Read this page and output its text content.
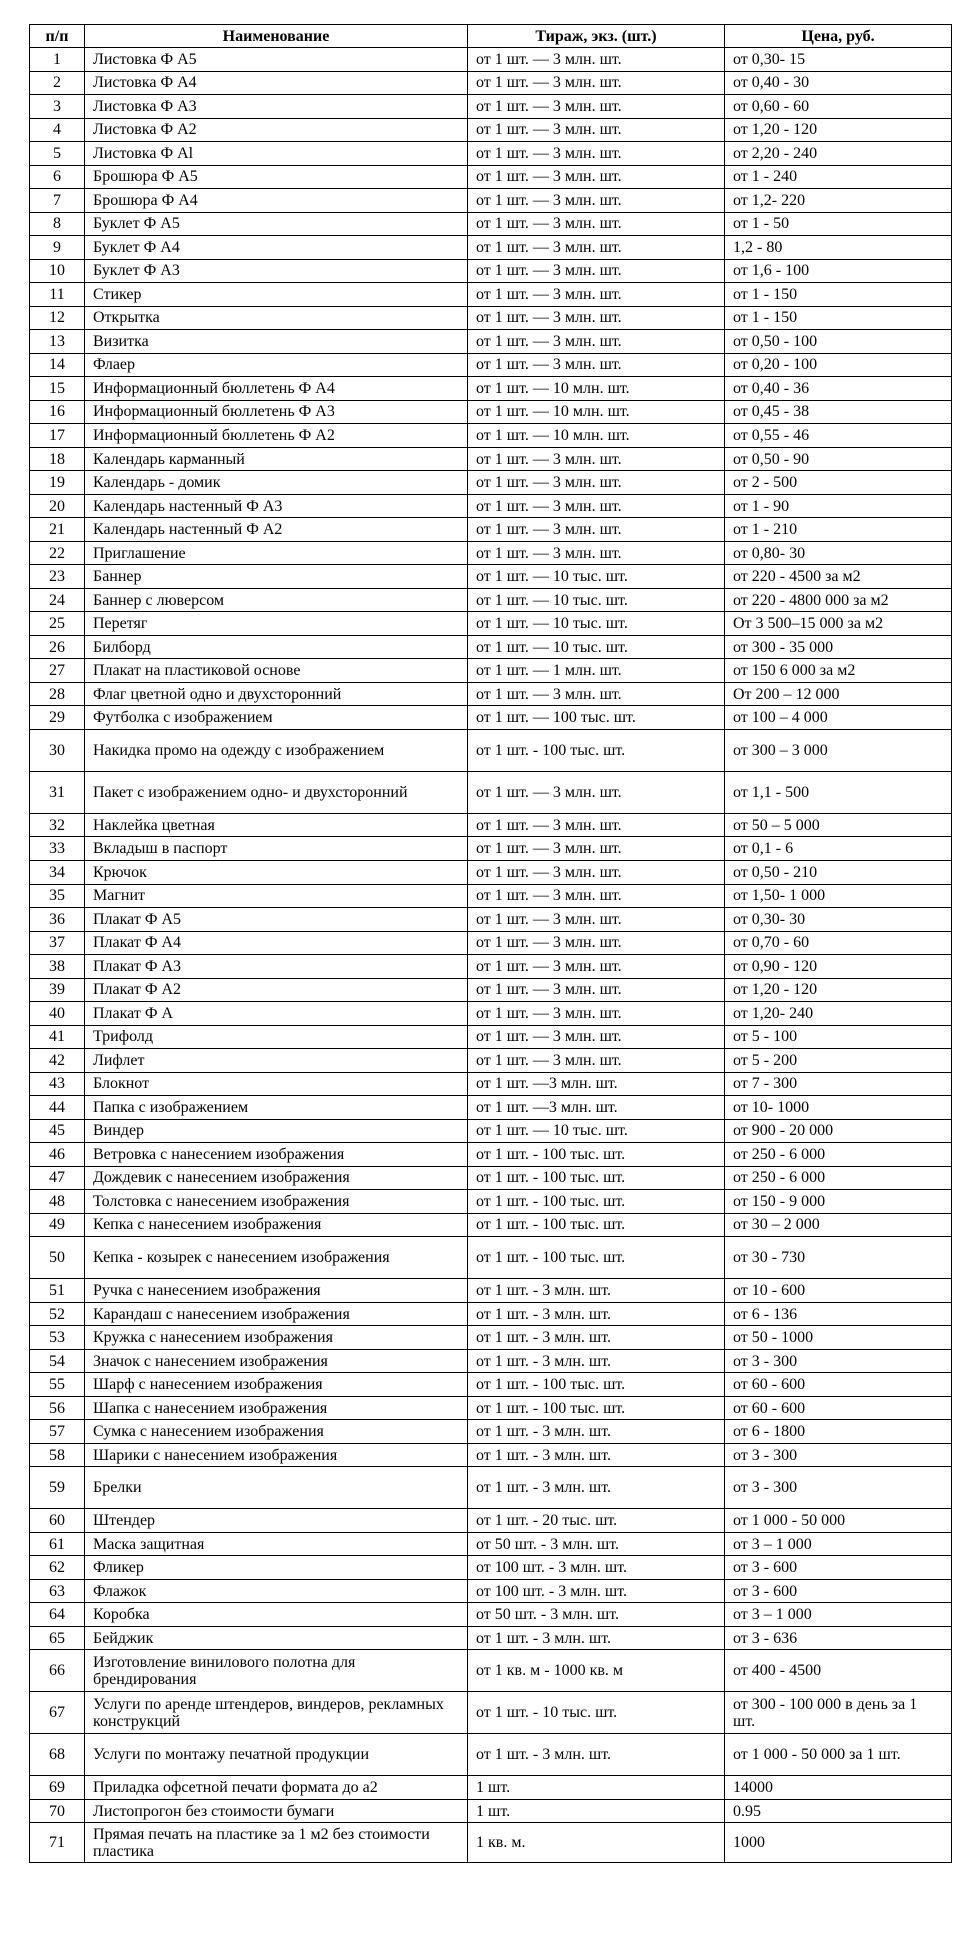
п/п	Наименование	Тираж, экз. (шт.)	Цена, руб.
1	Листовка Ф А5	от 1 шт. — 3 млн. шт.	от 0,30- 15
2	Листовка Ф А4	от 1 шт. — 3 млн. шт.	от 0,40 - 30
3	Листовка Ф А3	от 1 шт. — 3 млн. шт.	от 0,60 - 60
4	Листовка Ф А2	от 1 шт. — 3 млн. шт.	от 1,20 - 120
5	Листовка Ф Al	от 1 шт. — 3 млн. шт.	от 2,20 - 240
6	Брошюра Ф А5	от 1 шт. — 3 млн. шт.	от 1 - 240
7	Брошюра Ф А4	от 1 шт. — 3 млн. шт.	от 1,2- 220
8	Буклет Ф А5	от 1 шт. — 3 млн. шт.	от 1 - 50
9	Буклет Ф А4	от 1 шт. — 3 млн. шт.	1,2 - 80
10	Буклет Ф А3	от 1 шт. — 3 млн. шт.	от 1,6 - 100
11	Стикер	от 1 шт. — 3 млн. шт.	от 1 - 150
12	Открытка	от 1 шт. — 3 млн. шт.	от 1 - 150
13	Визитка	от 1 шт. — 3 млн. шт.	от 0,50 - 100
14	Флаер	от 1 шт. — 3 млн. шт.	от 0,20 - 100
15	Информационный бюллетень Ф А4	от 1 шт. — 10 млн. шт.	от 0,40 - 36
16	Информационный бюллетень Ф А3	от 1 шт. — 10 млн. шт.	от 0,45 - 38
17	Информационный бюллетень Ф А2	от 1 шт. — 10 млн. шт.	от 0,55 - 46
18	Календарь карманный	от 1 шт. — 3 млн. шт.	от 0,50 - 90
19	Календарь - домик	от 1 шт. — 3 млн. шт.	от 2 - 500
20	Календарь настенный Ф А3	от 1 шт. — 3 млн. шт.	от 1 - 90
21	Календарь настенный Ф А2	от 1 шт. — 3 млн. шт.	от 1 - 210
22	Приглашение	от 1 шт. — 3 млн. шт.	от 0,80- 30
23	Баннер	от 1 шт. — 10 тыс. шт.	от 220 - 4500 за м2
24	Баннер с люверсом	от 1 шт. — 10 тыс. шт.	от 220 - 4800 000 за м2
25	Перетяг	от 1 шт. — 10 тыс. шт.	От 3 500–15 000 за м2
26	Билборд	от 1 шт. — 10 тыс. шт.	от 300 - 35 000
27	Плакат на пластиковой основе	от 1 шт. — 1 млн. шт.	от 150 6 000 за м2
28	Флаг цветной одно и двухсторонний	от 1 шт. — 3 млн. шт.	От 200 – 12 000
29	Футболка с изображением	от 1 шт. — 100 тыс. шт.	от 100 – 4 000
30	Накидка промо на одежду с изображением	от 1 шт. - 100 тыс. шт.	от 300 – 3 000
31	Пакет с изображением одно- и двухсторонний	от 1 шт. — 3 млн. шт.	от 1,1 - 500
32	Наклейка цветная	от 1 шт. — 3 млн. шт.	от 50 – 5 000
33	Вкладыш в паспорт	от 1 шт. — 3 млн. шт.	от 0,1 - 6
34	Крючок	от 1 шт. — 3 млн. шт.	от 0,50 - 210
35	Магнит	от 1 шт. — 3 млн. шт.	от 1,50- 1 000
36	Плакат Ф А5	от 1 шт. — 3 млн. шт.	от 0,30- 30
37	Плакат Ф А4	от 1 шт. — 3 млн. шт.	от 0,70 - 60
38	Плакат Ф А3	от 1 шт. — 3 млн. шт.	от 0,90 - 120
39	Плакат Ф А2	от 1 шт. — 3 млн. шт.	от 1,20 - 120
40	Плакат Ф А	от 1 шт. — 3 млн. шт.	от 1,20- 240
41	Трифолд	от 1 шт. — 3 млн. шт.	от 5 - 100
42	Лифлет	от 1 шт. — 3 млн. шт.	от 5 - 200
43	Блокнот	от 1 шт. —3 млн. шт.	от 7 - 300
44	Папка с изображением	от 1 шт. —3 млн. шт.	от 10- 1000
45	Виндер	от 1 шт. — 10 тыс. шт.	от 900 - 20 000
46	Ветровка с нанесением изображения	от 1 шт. - 100 тыс. шт.	от 250 - 6 000
47	Дождевик с нанесением изображения	от 1 шт. - 100 тыс. шт.	от 250 - 6 000
48	Толстовка с нанесением изображения	от 1 шт. - 100 тыс. шт.	от 150 - 9 000
49	Кепка с нанесением изображения	от 1 шт. - 100 тыс. шт.	от 30 – 2 000
50	Кепка - козырек с нанесением изображения	от 1 шт. - 100 тыс. шт.	от 30 - 730
51	Ручка с нанесением изображения	от 1 шт. - 3 млн. шт.	от 10 - 600
52	Карандаш с нанесением изображения	от 1 шт. - 3 млн. шт.	от 6 - 136
53	Кружка с нанесением изображения	от 1 шт. - 3 млн. шт.	от 50 - 1000
54	Значок с нанесением изображения	от 1 шт. - 3 млн. шт.	от 3 - 300
55	Шарф с нанесением изображения	от 1 шт. - 100 тыс. шт.	от 60 - 600
56	Шапка с нанесением изображения	от 1 шт. - 100 тыс. шт.	от 60 - 600
57	Сумка с нанесением изображения	от 1 шт. - 3 млн. шт.	от 6 - 1800
58	Шарики с нанесением изображения	от 1 шт. - 3 млн. шт.	от 3 - 300
59	Брелки	от 1 шт. - 3 млн. шт.	от 3 - 300
60	Штендер	от 1 шт. - 20 тыс. шт.	от 1 000 - 50 000
61	Маска защитная	от 50 шт. - 3 млн. шт.	от 3 – 1 000
62	Фликер	от 100 шт. - 3 млн. шт.	от 3 - 600
63	Флажок	от 100 шт. - 3 млн. шт.	от 3 - 600
64	Коробка	от 50 шт. - 3 млн. шт.	от 3 – 1 000
65	Бейджик	от 1 шт. - 3 млн. шт.	от 3 - 636
66	Изготовление винилового полотна для брендирования	от 1 кв. м - 1000 кв. м	от 400 - 4500
67	Услуги по аренде штендеров, виндеров, рекламных конструкций	от 1 шт. - 10 тыс. шт.	от 300 - 100 000 в день за 1 шт.
68	Услуги по монтажу печатной продукции	от 1 шт. - 3 млн. шт.	от 1 000 - 50 000 за 1 шт.
69	Приладка офсетной печати формата до а2	1 шт.	14000
70	Листопрогон без стоимости бумаги	1 шт.	0.95
71	Прямая печать на пластике за 1 м2 без стоимости пластика	1 кв. м.	1000
